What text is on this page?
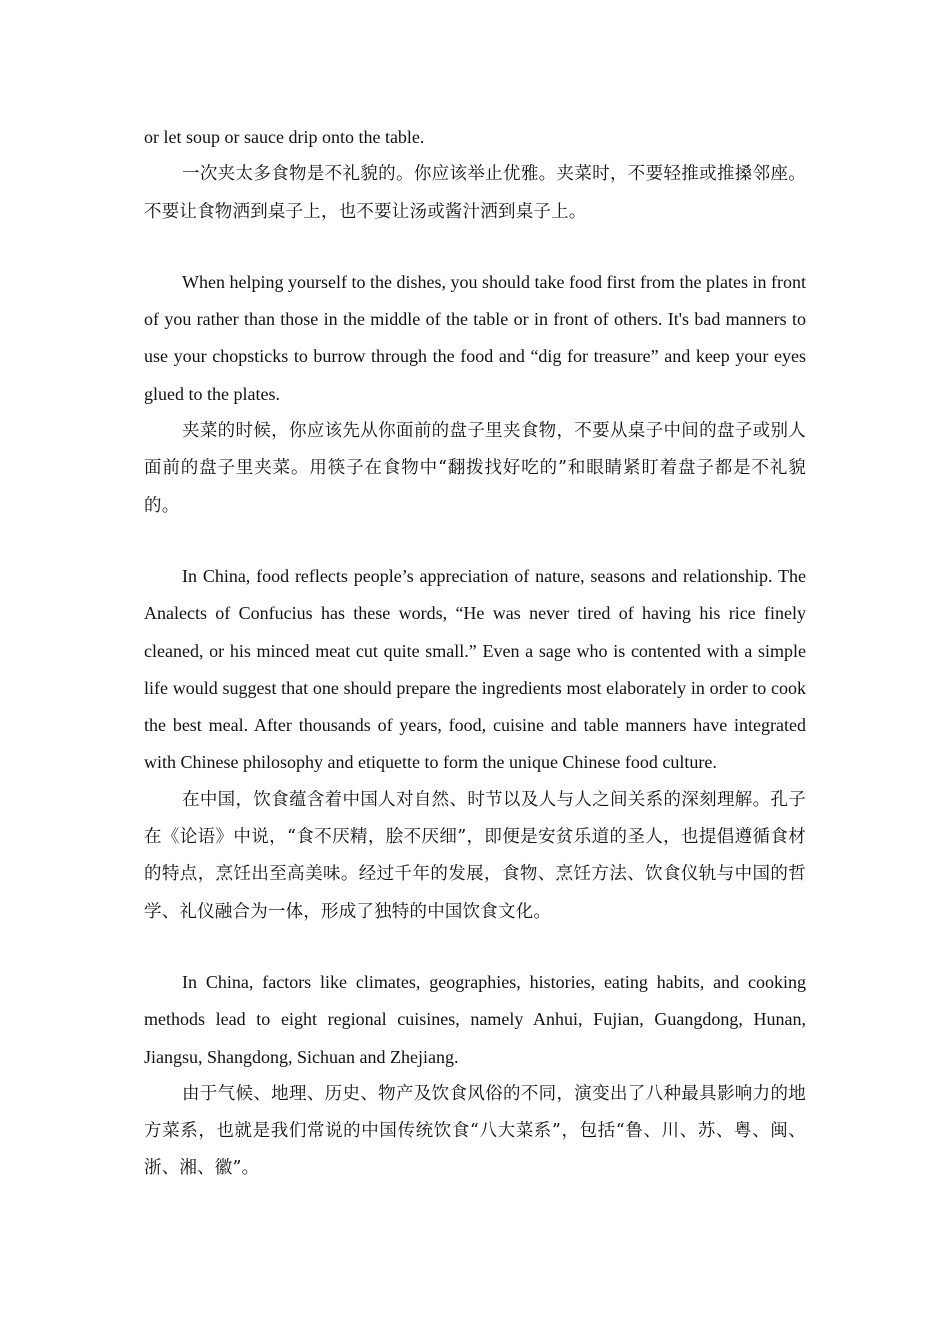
or let soup or sauce drip onto the table.

一次夹太多食物是不礼貌的。你应该举止优雅。夹菜时，不要轻推或推搡邻座。不要让食物洒到桌子上，也不要让汤或酱汁洒到桌子上。

When helping yourself to the dishes, you should take food first from the plates in front of you rather than those in the middle of the table or in front of others. It's bad manners to use your chopsticks to burrow through the food and “dig for treasure” and keep your eyes glued to the plates.

夹菜的时候，你应该先从你面前的盘子里夹食物，不要从桌子中间的盘子或别人面前的盘子里夹菜。用筷子在食物中“翻拨找好吃的”和眼睛紧盯着盘子都是不礼貌的。

In China, food reflects people’s appreciation of nature, seasons and relationship. The Analects of Confucius has these words, “He was never tired of having his rice finely cleaned, or his minced meat cut quite small.” Even a sage who is contented with a simple life would suggest that one should prepare the ingredients most elaborately in order to cook the best meal. After thousands of years, food, cuisine and table manners have integrated with Chinese philosophy and etiquette to form the unique Chinese food culture.

在中国，饮食蕴含着中国人对自然、时节以及人与人之间关系的深刻理解。孔子在《论语》中说，“食不厌精，脍不厌细”，即便是安贫乐道的圣人，也提倡遵循食材的特点，烹饪出至高美味。经过千年的发展，食物、烹饪方法、饮食仪轨与中国的哲学、礼仪融合为一体，形成了独特的中国饮食文化。

In China, factors like climates, geographies, histories, eating habits, and cooking methods lead to eight regional cuisines, namely Anhui, Fujian, Guangdong, Hunan, Jiangsu, Shangdong, Sichuan and Zhejiang.

由于气候、地理、历史、物产及饮食风俗的不同，演变出了八种最具影响力的地方菜系，也就是我们常说的中国传统饮食“八大菜系”，包括“鲁、川、苏、粤、闽、浙、湘、徽”。
